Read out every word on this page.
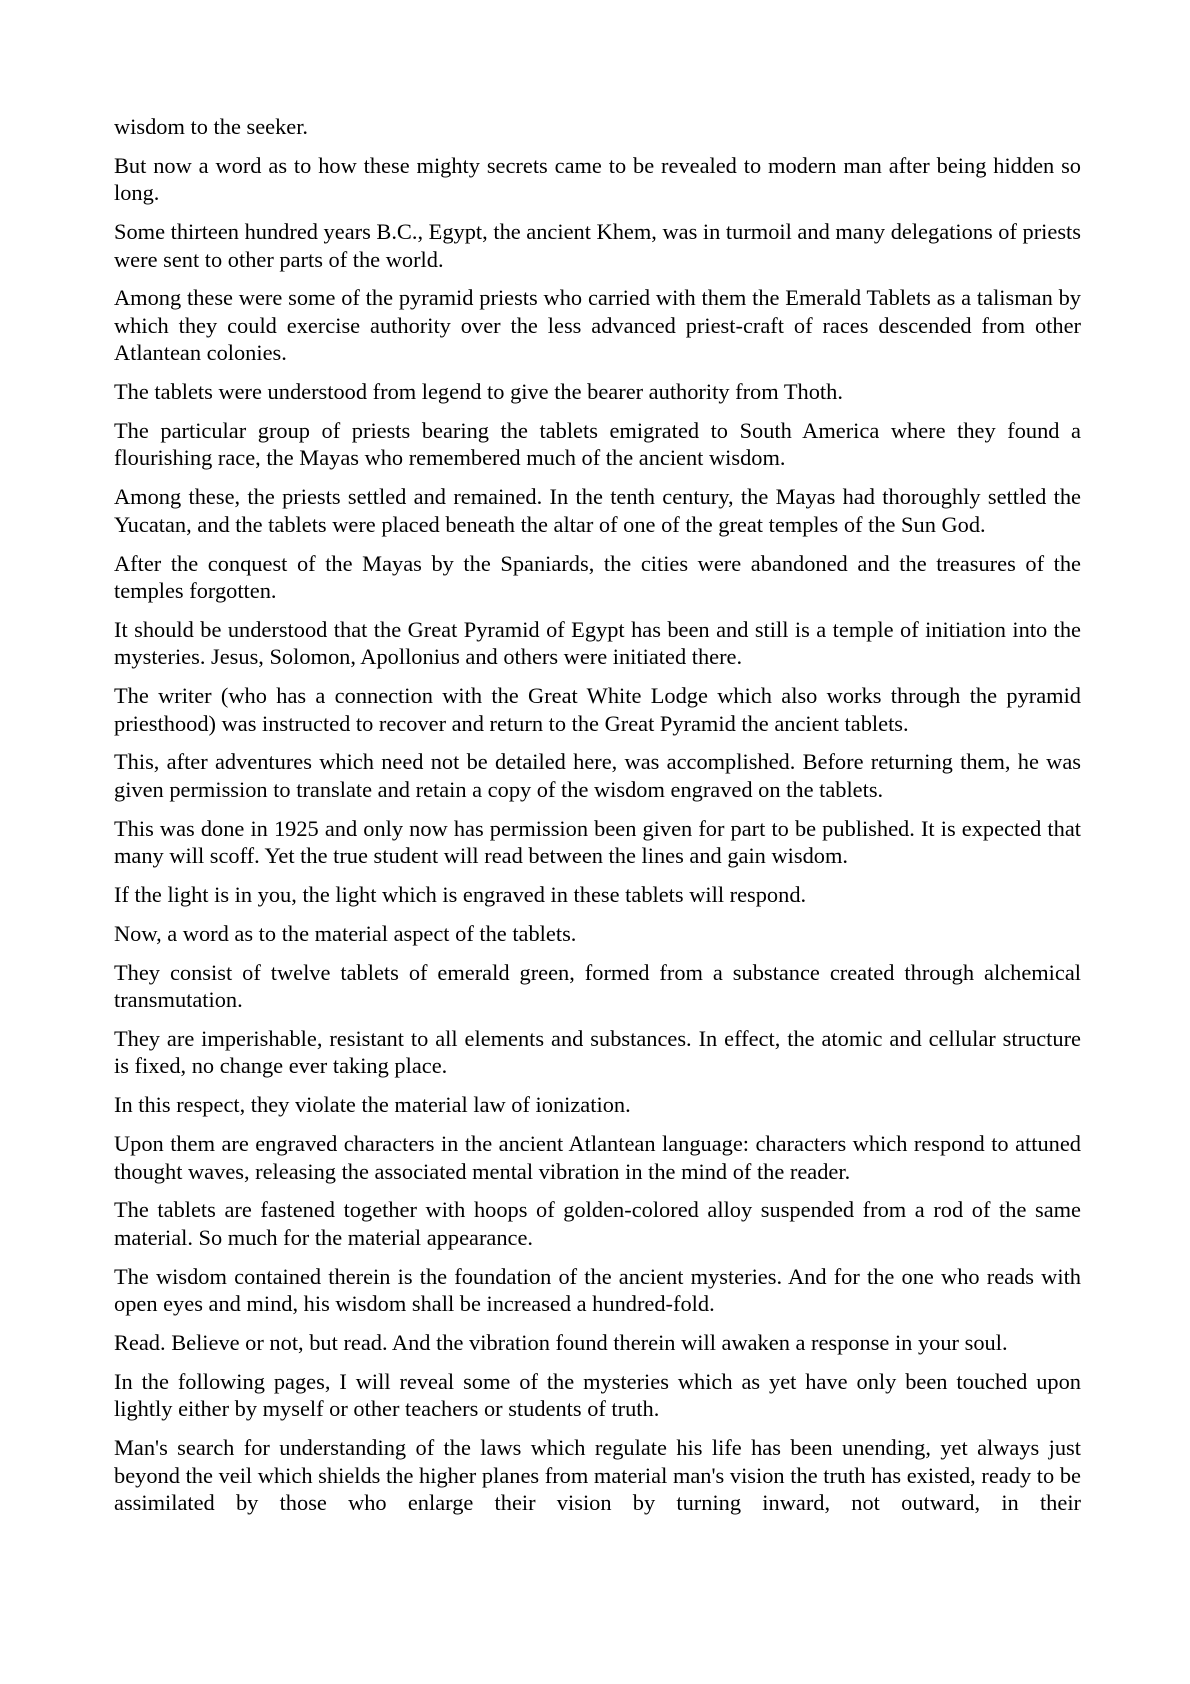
wisdom to the seeker.

But now a word as to how these mighty secrets came to be revealed to modern man after being hidden so long.

Some thirteen hundred years B.C., Egypt, the ancient Khem, was in turmoil and many delegations of priests were sent to other parts of the world.

Among these were some of the pyramid priests who carried with them the Emerald Tablets as a talisman by which they could exercise authority over the less advanced priest-craft of races descended from other Atlantean colonies.

The tablets were understood from legend to give the bearer authority from Thoth.

The particular group of priests bearing the tablets emigrated to South America where they found a flourishing race, the Mayas who remembered much of the ancient wisdom.

Among these, the priests settled and remained. In the tenth century, the Mayas had thoroughly settled the Yucatan, and the tablets were placed beneath the altar of one of the great temples of the Sun God.

After the conquest of the Mayas by the Spaniards, the cities were abandoned and the treasures of the temples forgotten.

It should be understood that the Great Pyramid of Egypt has been and still is a temple of initiation into the mysteries. Jesus, Solomon, Apollonius and others were initiated there.

The writer (who has a connection with the Great White Lodge which also works through the pyramid priesthood) was instructed to recover and return to the Great Pyramid the ancient tablets.

This, after adventures which need not be detailed here, was accomplished. Before returning them, he was given permission to translate and retain a copy of the wisdom engraved on the tablets.

This was done in 1925 and only now has permission been given for part to be published. It is expected that many will scoff. Yet the true student will read between the lines and gain wisdom.

If the light is in you, the light which is engraved in these tablets will respond.

Now, a word as to the material aspect of the tablets.

They consist of twelve tablets of emerald green, formed from a substance created through alchemical transmutation.

They are imperishable, resistant to all elements and substances. In effect, the atomic and cellular structure is fixed, no change ever taking place.

In this respect, they violate the material law of ionization.

Upon them are engraved characters in the ancient Atlantean language: characters which respond to attuned thought waves, releasing the associated mental vibration in the mind of the reader.

The tablets are fastened together with hoops of golden-colored alloy suspended from a rod of the same material. So much for the material appearance.

The wisdom contained therein is the foundation of the ancient mysteries. And for the one who reads with open eyes and mind, his wisdom shall be increased a hundred-fold.

Read. Believe or not, but read. And the vibration found therein will awaken a response in your soul.

In the following pages, I will reveal some of the mysteries which as yet have only been touched upon lightly either by myself or other teachers or students of truth.

Man's search for understanding of the laws which regulate his life has been unending, yet always just beyond the veil which shields the higher planes from material man's vision the truth has existed, ready to be assimilated by those who enlarge their vision by turning inward, not outward, in their
